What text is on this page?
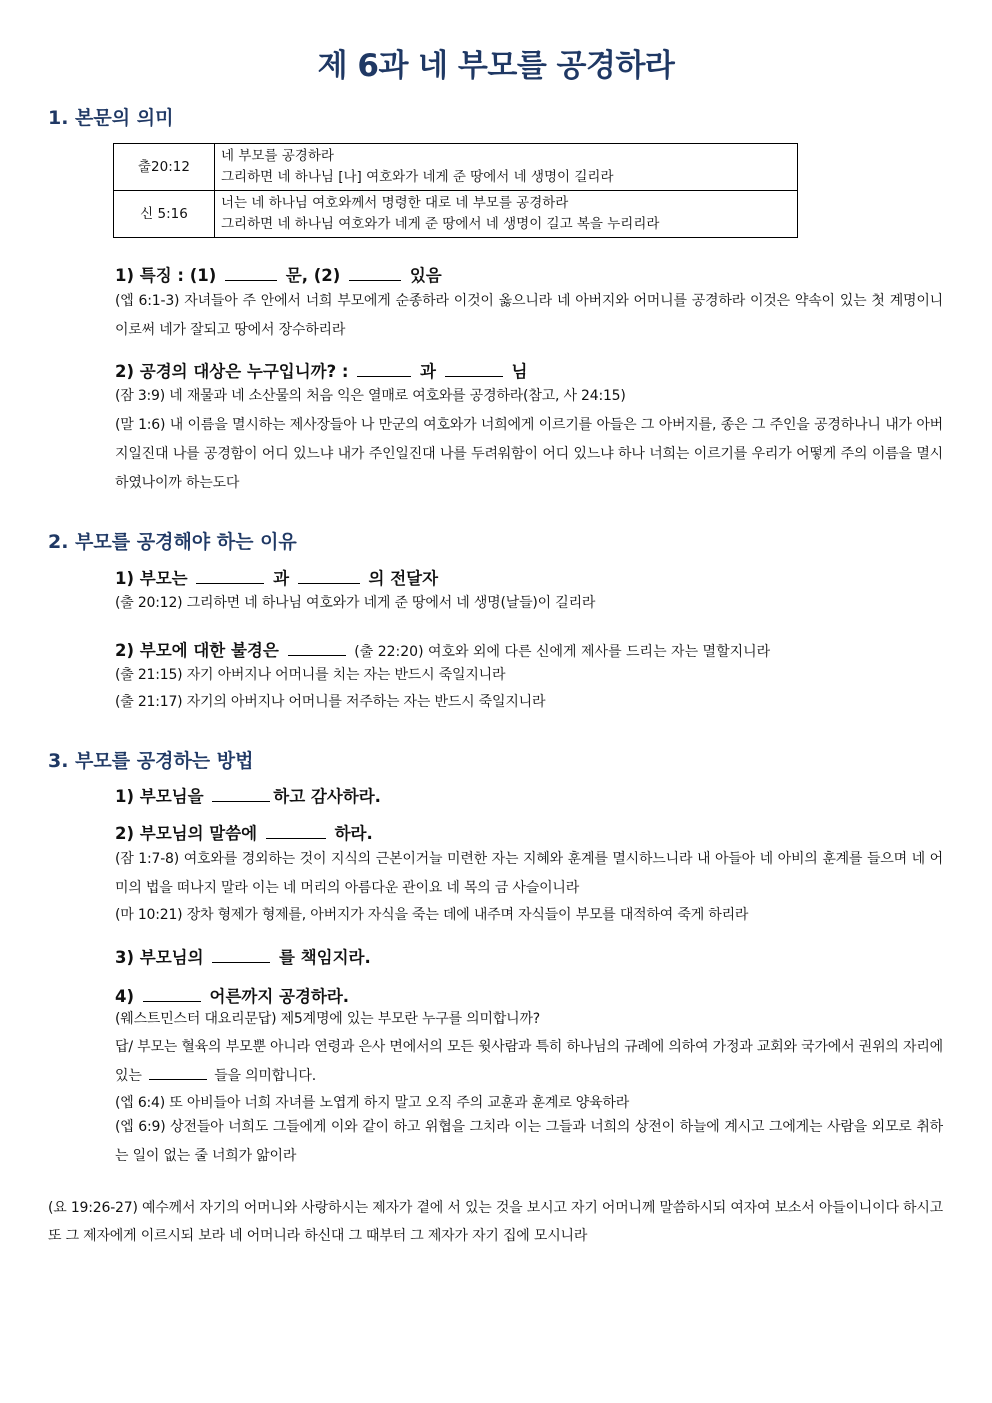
제 6과 네 부모를 공경하라
1. 본문의 의미
출20:12	네 부모를 공경하라
그리하면 네 하나님 [나] 여호와가 네게 준 땅에서 네 생명이 길리라

신 5:16	너는 네 하나님 여호와께서 명령한 대로 네 부모를 공경하라
그리하면 네 하나님 여호와가 네게 준 땅에서 네 생명이 길고 복을 누리리라
1) 특징 : (1)	문, (2)	있음
(엡 6:1-3) 자녀들아 주 안에서 너희 부모에게 순종하라 이것이 옳으니라 네 아버지와 어머니를 공경하라 이것은 약속이 있는 첫 계명이니 이로써 네가 잘되고 땅에서 장수하리라
2) 공경의 대상은 누구입니까? :	과	님
(잠 3:9) 네 재물과 네 소산물의 처음 익은 열매로 여호와를 공경하라(참고, 사 24:15)
(말 1:6) 내 이름을 멸시하는 제사장들아 나 만군의 여호와가 너희에게 이르기를 아들은 그 아버지를, 종은 그 주인을 공경하나니 내가 아버지일진대 나를 공경함이 어디 있느냐 내가 주인일진대 나를 두려워함이 어디 있느냐 하나 너희는 이르기를 우리가 어떻게 주의 이름을 멸시하였나이까 하는도다
2. 부모를 공경해야 하는 이유
1) 부모는	과	의 전달자
(출 20:12) 그리하면 네 하나님 여호와가 네게 준 땅에서 네 생명(날들)이 길리라
2) 부모에 대한 불경은	(출 22:20) 여호와 외에 다른 신에게 제사를 드리는 자는 멸할지니라
(출 21:15) 자기 아버지나 어머니를 치는 자는 반드시 죽일지니라
(출 21:17) 자기의 아버지나 어머니를 저주하는 자는 반드시 죽일지니라
3. 부모를 공경하는 방법
1) 부모님을	하고 감사하라.
2) 부모님의 말씀에	하라.
(잠 1:7-8) 여호와를 경외하는 것이 지식의 근본이거늘 미련한 자는 지혜와 훈계를 멸시하느니라 내 아들아 네 아비의 훈계를 들으며 네 어미의 법을 떠나지 말라 이는 네 머리의 아름다운 관이요 네 목의 금 사슬이니라
(마 10:21) 장차 형제가 형제를, 아버지가 자식을 죽는 데에 내주며 자식들이 부모를 대적하여 죽게 하리라
3) 부모님의	를 책임지라.
4)	어른까지 공경하라.
(웨스트민스터 대요리문답) 제5계명에 있는 부모란 누구를 의미합니까?
답/ 부모는 혈육의 부모뿐 아니라 연령과 은사 면에서의 모든 윗사람과 특히 하나님의 규례에 의하여 가정과 교회와 국가에서 권위의 자리에 있는	들을 의미합니다.
(엡 6:4) 또 아비들아 너희 자녀를 노엽게 하지 말고 오직 주의 교훈과 훈계로 양육하라
(엡 6:9) 상전들아 너희도 그들에게 이와 같이 하고 위협을 그치라 이는 그들과 너희의 상전이 하늘에 계시고 그에게는 사람을 외모로 취하는 일이 없는 줄 너희가 앎이라
(요 19:26-27) 예수께서 자기의 어머니와 사랑하시는 제자가 곁에 서 있는 것을 보시고 자기 어머니께 말씀하시되 여자여 보소서 아들이니이다 하시고 또 그 제자에게 이르시되 보라 네 어머니라 하신대 그 때부터 그 제자가 자기 집에 모시니라
